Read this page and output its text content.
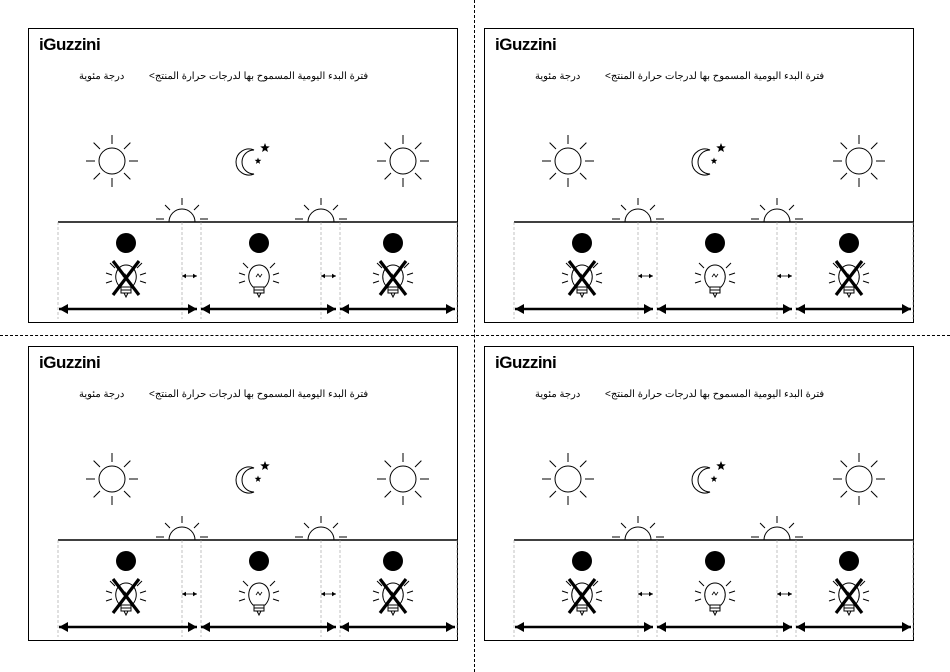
iGuzzini
درجة مئوية فترة البدء اليومية المسموح بها لدرجات حرارة المنتج>
iGuzzini
درجة مئوية فترة البدء اليومية المسموح بها لدرجات حرارة المنتج>
iGuzzini
درجة مئوية فترة البدء اليومية المسموح بها لدرجات حرارة المنتج>
iGuzzini
درجة مئوية فترة البدء اليومية المسموح بها لدرجات حرارة المنتج>
